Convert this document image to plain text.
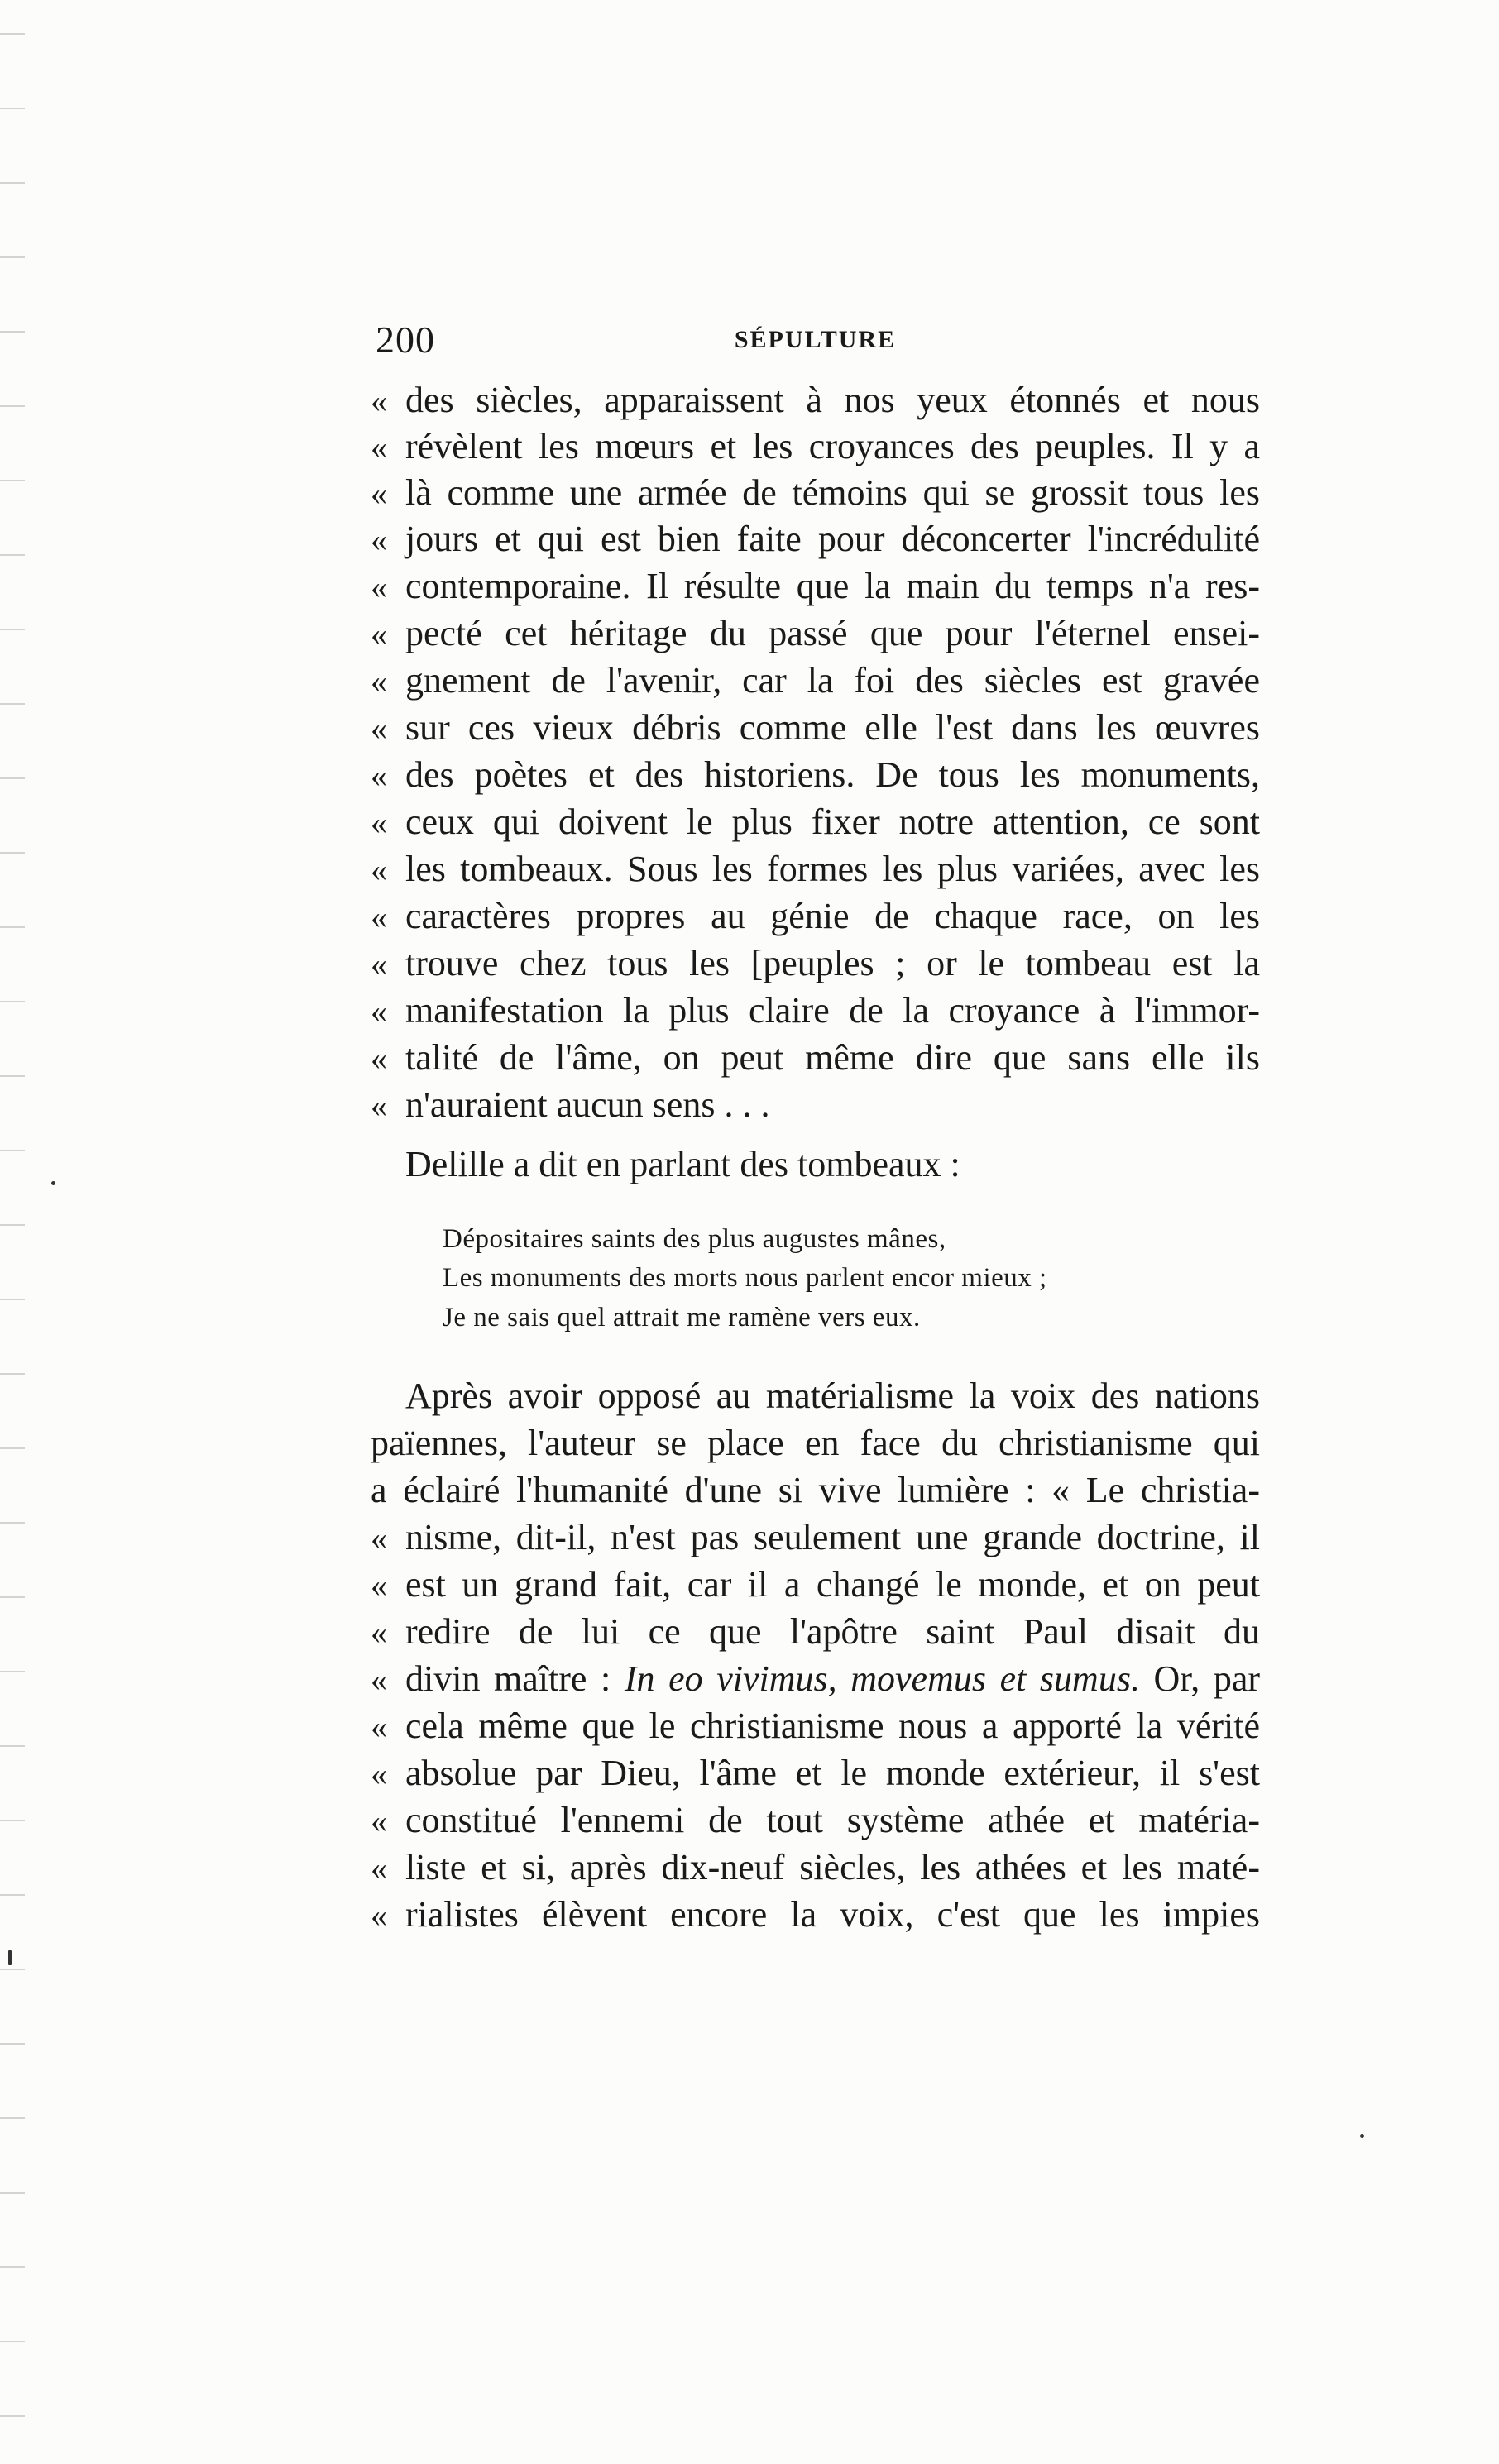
200	SÉPULTURE
« des siècles, apparaissent à nos yeux étonnés et nous
« révèlent les mœurs et les croyances des peuples. Il y a
« là comme une armée de témoins qui se grossit tous les
« jours et qui est bien faite pour déconcerter l'incrédulité
« contemporaine. Il résulte que la main du temps n'a res-
« pecté cet héritage du passé que pour l'éternel ensei-
« gnement de l'avenir, car la foi des siècles est gravée
« sur ces vieux débris comme elle l'est dans les œuvres
« des poètes et des historiens. De tous les monuments,
« ceux qui doivent le plus fixer notre attention, ce sont
« les tombeaux. Sous les formes les plus variées, avec les
« caractères propres au génie de chaque race, on les
« trouve chez tous les [peuples ; or le tombeau est la
« manifestation la plus claire de la croyance à l'immor-
« talité de l'âme, on peut même dire que sans elle ils
« n'auraient aucun sens . . .
Delille a dit en parlant des tombeaux :
Dépositaires saints des plus augustes mânes,
Les monuments des morts nous parlent encor mieux ;
Je ne sais quel attrait me ramène vers eux.
Après avoir opposé au matérialisme la voix des nations
païennes, l'auteur se place en face du christianisme qui
a éclairé l'humanité d'une si vive lumière : « Le christia-
« nisme, dit-il, n'est pas seulement une grande doctrine, il
« est un grand fait, car il a changé le monde, et on peut
« redire de lui ce que l'apôtre saint Paul disait du
« divin maître : In eo vivimus, movemus et sumus. Or, par
« cela même que le christianisme nous a apporté la vérité
« absolue par Dieu, l'âme et le monde extérieur, il s'est
« constitué l'ennemi de tout système athée et matéria-
« liste et si, après dix-neuf siècles, les athées et les maté-
« rialistes élèvent encore la voix, c'est que les impies
